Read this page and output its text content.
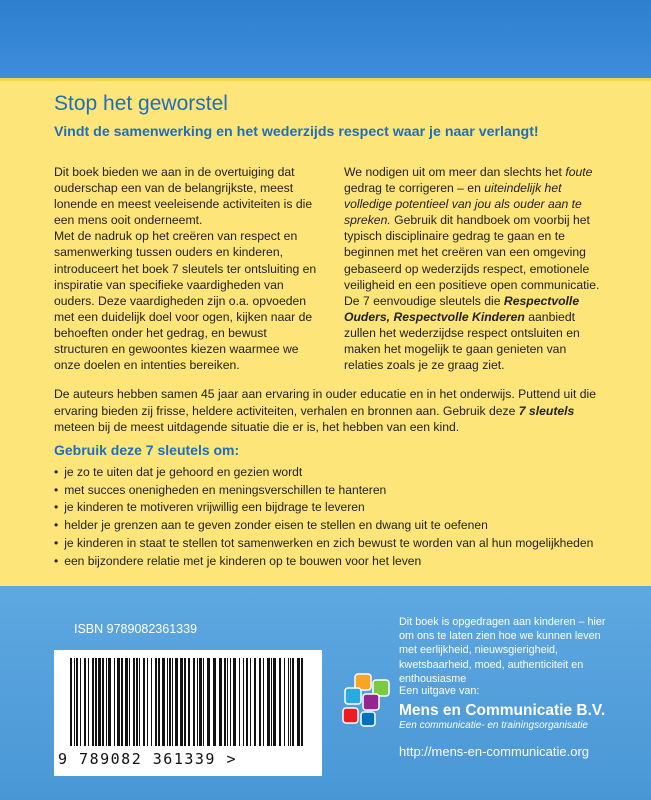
Stop het geworstel

Vindt de samenwerking en het wederzijds respect waar je naar verlangt!

Dit boek bieden we aan in de overtuiging dat ouderschap een van de belangrijkste, meest lonende en meest veeleisende activiteiten is die een mens ooit onderneemt.

Met de nadruk op het creëren van respect en samenwerking tussen ouders en kinderen, introduceert het boek 7 sleutels ter ontsluiting en inspiratie van specifieke vaardigheden van ouders. Deze vaardigheden zijn o.a. opvoeden met een duidelijk doel voor ogen, kijken naar de behoeften onder het gedrag, en bewust structuren en gewoontes kiezen waarmee we onze doelen en intenties bereiken.

We nodigen uit om meer dan slechts het foute gedrag te corrigeren – en uiteindelijk het volledige potentieel van jou als ouder aan te spreken. Gebruik dit handboek om voorbij het typisch disciplinaire gedrag te gaan en te beginnen met het creëren van een omgeving gebaseerd op wederzijds respect, emotionele veiligheid en een positieve open communicatie. De 7 eenvoudige sleutels die Respectvolle Ouders, Respectvolle Kinderen aanbiedt zullen het wederzijdse respect ontsluiten en maken het mogelijk te gaan genieten van relaties zoals je ze graag ziet.

De auteurs hebben samen 45 jaar aan ervaring in ouder educatie en in het onderwijs. Puttend uit die ervaring bieden zij frisse, heldere activiteiten, verhalen en bronnen aan. Gebruik deze 7 sleutels meteen bij de meest uitdagende situatie die er is, het hebben van een kind.

Gebruik deze 7 sleutels om:

• je zo te uiten dat je gehoord en gezien wordt
• met succes onenigheden en meningsverschillen te hanteren
• je kinderen te motiveren vrijwillig een bijdrage te leveren
• helder je grenzen aan te geven zonder eisen te stellen en dwang uit te oefenen
• je kinderen in staat te stellen tot samenwerken en zich bewust te worden van al hun mogelijkheden
• een bijzondere relatie met je kinderen op te bouwen voor het leven
ISBN 9789082361339
9 789082 361339 >

Dit boek is opgedragen aan kinderen – hier om ons te laten zien hoe we kunnen leven met eerlijkheid, nieuwsgierigheid, kwetsbaarheid, moed, authenticiteit en enthousiasme

Een uitgave van:
Mens en Communicatie B.V.
Een communicatie- en trainingsorganisatie
http://mens-en-communicatie.org
